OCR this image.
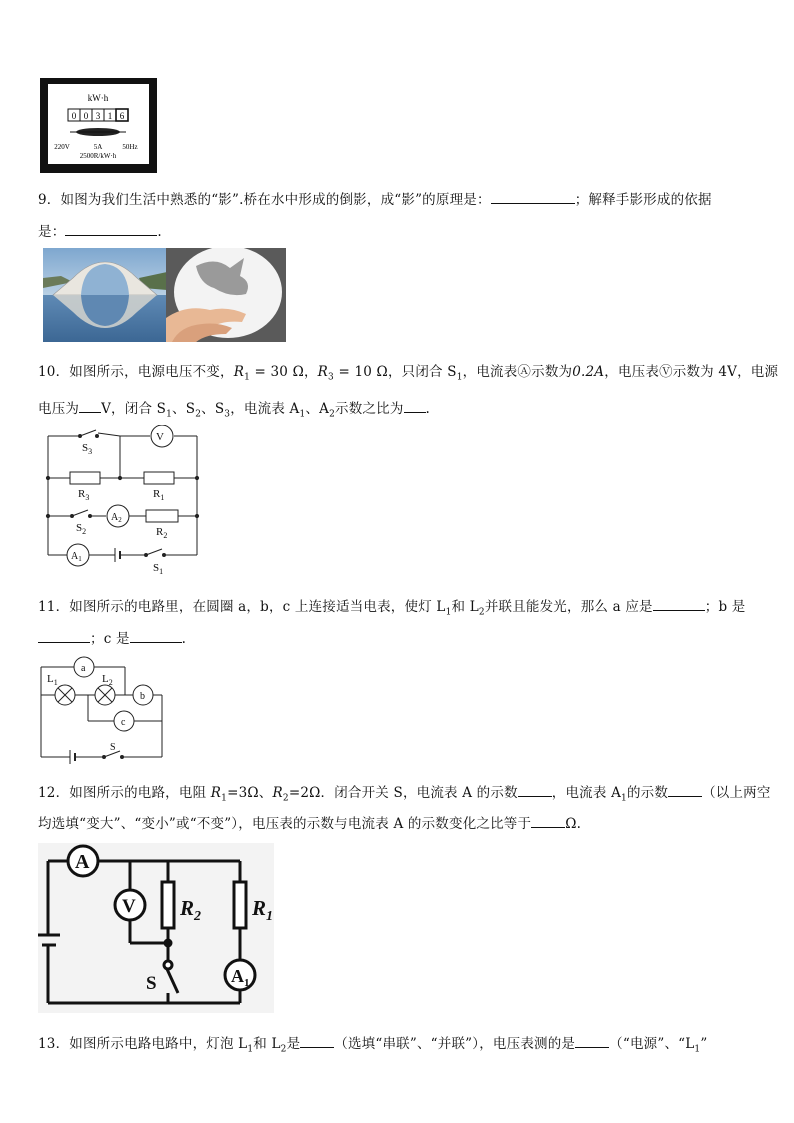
kW·h
0 0 3 1 6
220V	5A	50Hz
2500R/kW·h
9．如图为我们生活中熟悉的“影”.桥在水中形成的倒影，成“影”的原理是：	；解释手影形成的依据
是：	.
10．如图所示，电源电压不变，$R_1 = 30$ Ω，$R_3 = 10$ Ω，只闭合 $S_1$，电流表Ⓐ示数为0.2A，电压表Ⓥ示数为 4V，电源
电压为 V，闭合 $S_1$、$S_2$、$S_3$，电流表 $A_1$、$A_2$示数之比为 .
$S_3$
V
$R_3$	$R_1$
$S_2$
$A_2$
$R_2$
$A_1$
$S_1$
11．如图所示的电路里，在圆圈 a，b，c 上连接适当电表，使灯 $L_1$和 $L_2$并联且能发光，那么 a 应是	；b 是
；c 是	.
a
$L_1$	$L_2$
b
c
S
12．如图所示的电路，电阻 $R_1=3\Omega$、$R_2=2\Omega$．闭合开关 S，电流表 A 的示数	，电流表 $A_1$的示数	（以上两空
均选填“变大”、“变小”或“不变”），电压表的示数与电流表 A 的示数变化之比等于	Ω.
A
V $R_2$ $R_1$
S	$A_1$
13．如图所示电路电路中，灯泡 $L_1$和 $L_2$是	（选填“串联”、“并联”），电压表测的是	（“电源”、“$L_1$”
